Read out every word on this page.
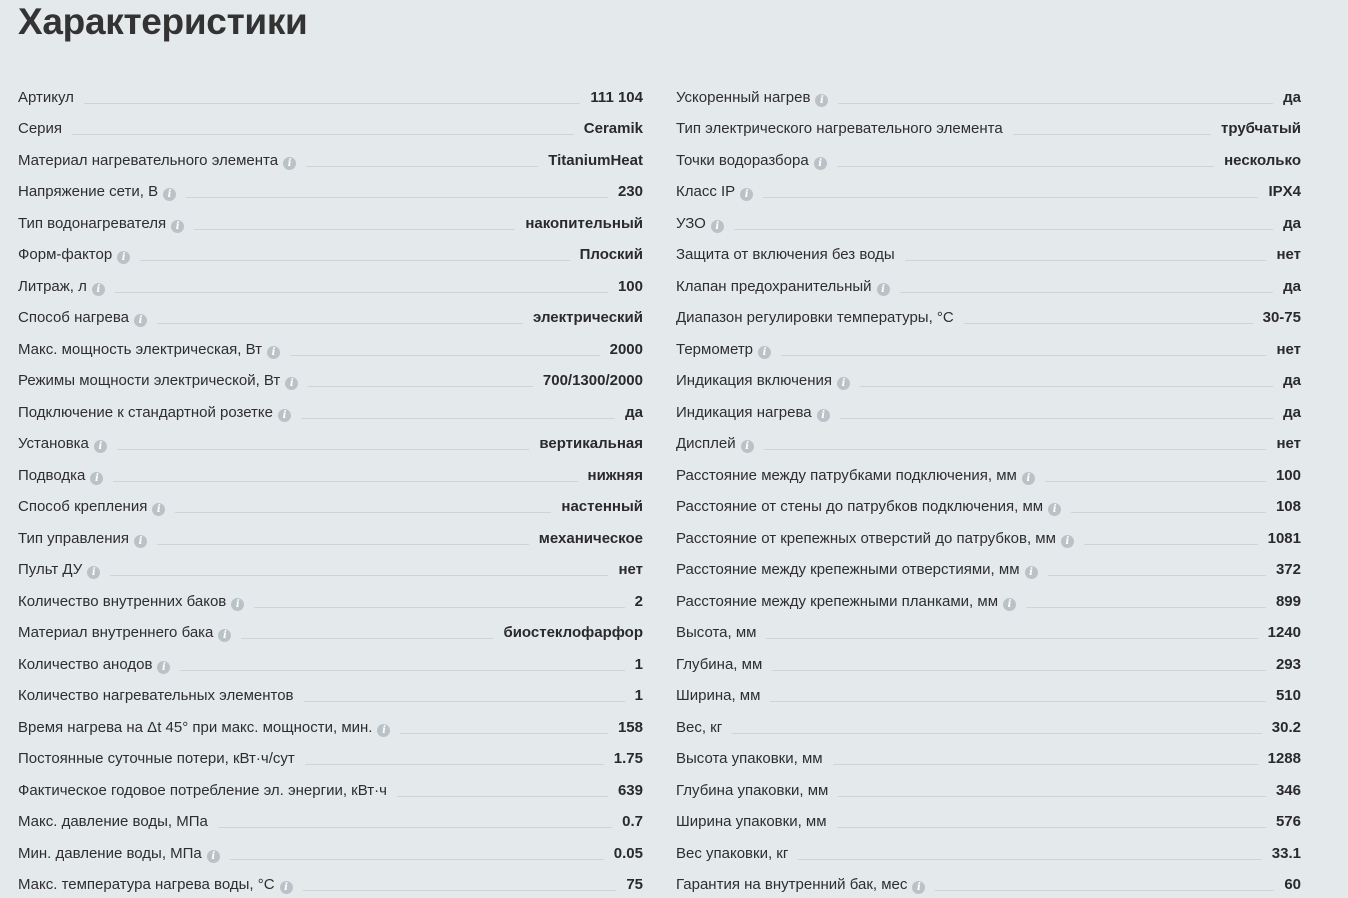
Характеристики
Артикул	111 104
Серия	Ceramik
Материал нагревательного элемента i	TitaniumHeat
Напряжение сети, В i	230
Тип водонагревателя i	накопительный
Форм-фактор i	Плоский
Литраж, л i	100
Способ нагрева i	электрический
Макс. мощность электрическая, Вт i	2000
Режимы мощности электрической, Вт i	700/1300/2000
Подключение к стандартной розетке i	да
Установка i	вертикальная
Подводка i	нижняя
Способ крепления i	настенный
Тип управления i	механическое
Пульт ДУ i	нет
Количество внутренних баков i	2
Материал внутреннего бака i	биостеклофарфор
Количество анодов i	1
Количество нагревательных элементов	1
Время нагрева на Δt 45° при макс. мощности, мин. i	158
Постоянные суточные потери, кВт·ч/сут	1.75
Фактическое годовое потребление эл. энергии, кВт·ч	639
Макс. давление воды, МПа	0.7
Мин. давление воды, МПа i	0.05
Макс. температура нагрева воды, °С i	75
Ускоренный нагрев i	да
Тип электрического нагревательного элемента	трубчатый
Точки водоразбора i	несколько
Класс IP i	IPX4
УЗО i	да
Защита от включения без воды	нет
Клапан предохранительный i	да
Диапазон регулировки температуры, °С	30-75
Термометр i	нет
Индикация включения i	да
Индикация нагрева i	да
Дисплей i	нет
Расстояние между патрубками подключения, мм i	100
Расстояние от стены до патрубков подключения, мм i	108
Расстояние от крепежных отверстий до патрубков, мм i	1081
Расстояние между крепежными отверстиями, мм i	372
Расстояние между крепежными планками, мм i	899
Высота, мм	1240
Глубина, мм	293
Ширина, мм	510
Вес, кг	30.2
Высота упаковки, мм	1288
Глубина упаковки, мм	346
Ширина упаковки, мм	576
Вес упаковки, кг	33.1
Гарантия на внутренний бак, мес i	60
